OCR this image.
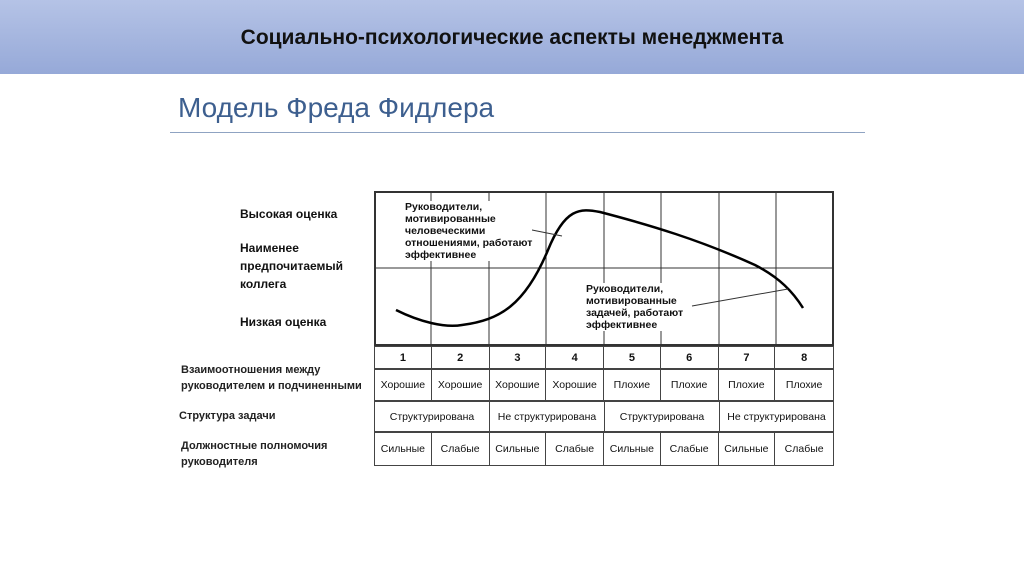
Социально-психологические аспекты менеджмента
Модель Фреда Фидлера
Высокая оценка
Наименее
предпочитаемый
коллега
Низкая оценка
Взаимоотношения между
руководителем и подчиненными
Структура задачи
Должностные полномочия
руководителя
Руководители,
мотивированные
человеческими
отношениями, работают
эффективнее
Руководители,
мотивированные
задачей, работают
эффективнее
1	2	3	4	5	6	7	8
Хорошие	Хорошие	Хорошие	Хорошие	Плохие	Плохие	Плохие	Плохие
Структурирована	Не структурирована	Структурирована	Не структурирована
Сильные	Слабые	Сильные	Слабые	Сильные	Слабые	Сильные	Слабые
